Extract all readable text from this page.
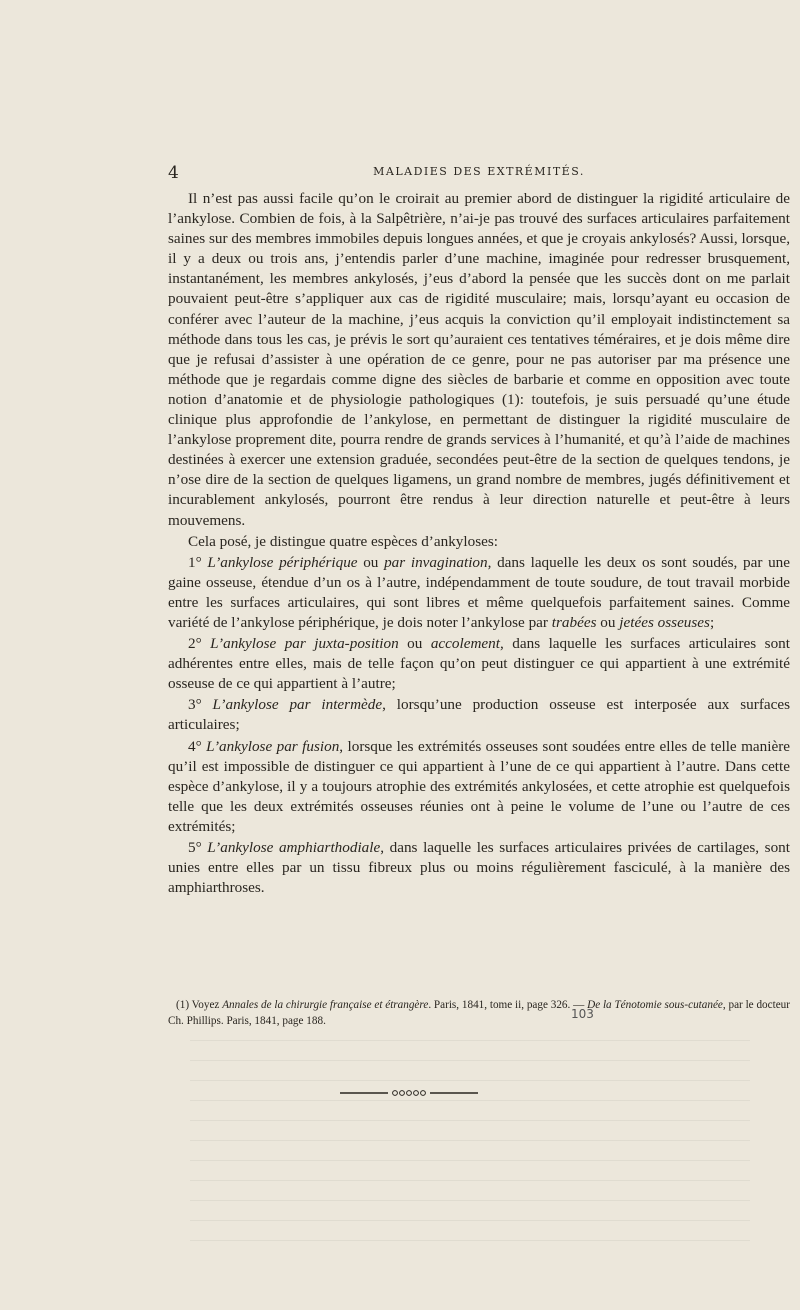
4	MALADIES DES EXTRÉMITÉS.

Il n’est pas aussi facile qu’on le croirait au premier abord de distinguer la rigidité articulaire de l’ankylose. Combien de fois, à la Salpêtrière, n’ai-je pas trouvé des surfaces articulaires parfaitement saines sur des membres immobiles depuis longues années, et que je croyais ankylosés? Aussi, lorsque, il y a deux ou trois ans, j’entendis parler d’une machine, imaginée pour redresser brusquement, instantanément, les membres ankylosés, j’eus d’abord la pensée que les succès dont on me parlait pouvaient peut-être s’appliquer aux cas de rigidité musculaire; mais, lorsqu’ayant eu occasion de conférer avec l’auteur de la machine, j’eus acquis la conviction qu’il employait indistinctement sa méthode dans tous les cas, je prévis le sort qu’auraient ces tentatives téméraires, et je dois même dire que je refusai d’assister à une opération de ce genre, pour ne pas autoriser par ma présence une méthode que je regardais comme digne des siècles de barbarie et comme en opposition avec toute notion d’anatomie et de physiologie pathologiques (1): toutefois, je suis persuadé qu’une étude clinique plus approfondie de l’ankylose, en permettant de distinguer la rigidité musculaire de l’ankylose proprement dite, pourra rendre de grands services à l’humanité, et qu’à l’aide de machines destinées à exercer une extension graduée, secondées peut-être de la section de quelques tendons, je n’ose dire de la section de quelques ligamens, un grand nombre de membres, jugés définitivement et incurablement ankylosés, pourront être rendus à leur direction naturelle et peut-être à leurs mouvemens.

Cela posé, je distingue quatre espèces d’ankyloses:

1° L’ankylose périphérique ou par invagination, dans laquelle les deux os sont soudés, par une gaine osseuse, étendue d’un os à l’autre, indépendamment de toute soudure, de tout travail morbide entre les surfaces articulaires, qui sont libres et même quelquefois parfaitement saines. Comme variété de l’ankylose périphérique, je dois noter l’ankylose par trabées ou jetées osseuses;

2° L’ankylose par juxta-position ou accolement, dans laquelle les surfaces articulaires sont adhérentes entre elles, mais de telle façon qu’on peut distinguer ce qui appartient à une extrémité osseuse de ce qui appartient à l’autre;

3° L’ankylose par intermède, lorsqu’une production osseuse est interposée aux surfaces articulaires;

4° L’ankylose par fusion, lorsque les extrémités osseuses sont soudées entre elles de telle manière qu’il est impossible de distinguer ce qui appartient à l’une de ce qui appartient à l’autre. Dans cette espèce d’ankylose, il y a toujours atrophie des extrémités ankylosées, et cette atrophie est quelquefois telle que les deux extrémités osseuses réunies ont à peine le volume de l’une ou l’autre de ces extrémités;

5° L’ankylose amphiarthodiale, dans laquelle les surfaces articulaires privées de cartilages, sont unies entre elles par un tissu fibreux plus ou moins régulièrement fasciculé, à la manière des amphiarthroses.

(1) Voyez Annales de la chirurgie française et étrangère. Paris, 1841, tome ii, page 326. — De la Ténotomie sous-cutanée, par le docteur Ch. Phillips. Paris, 1841, page 188.	103
